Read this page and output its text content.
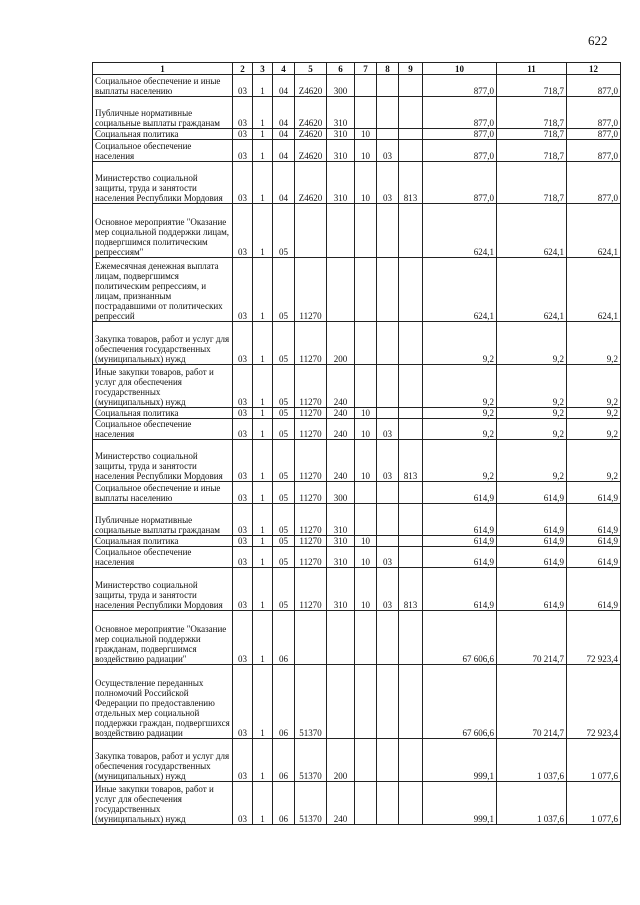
622
1	2	3	4	5	6	7	8	9	10	11	12
Социальное обеспечение и иные выплаты населению	03	1	04	Z4620	300				877,0	718,7	877,0
Публичные нормативные социальные выплаты гражданам	03	1	04	Z4620	310				877,0	718,7	877,0
Социальная политика	03	1	04	Z4620	310	10			877,0	718,7	877,0
Социальное обеспечение населения	03	1	04	Z4620	310	10	03		877,0	718,7	877,0
Министерство социальной защиты, труда и занятости населения Республики Мордовия	03	1	04	Z4620	310	10	03	813	877,0	718,7	877,0
Основное мероприятие "Оказание мер социальной поддержки лицам, подвергшимся политическим репрессиям"	03	1	05						624,1	624,1	624,1
Ежемесячная денежная выплата лицам, подвергшимся политическим репрессиям, и лицам, признанным пострадавшими от политических репрессий	03	1	05	11270					624,1	624,1	624,1
Закупка товаров, работ и услуг для обеспечения государственных (муниципальных) нужд	03	1	05	11270	200				9,2	9,2	9,2
Иные закупки товаров, работ и услуг для обеспечения государственных (муниципальных) нужд	03	1	05	11270	240				9,2	9,2	9,2
Социальная политика	03	1	05	11270	240	10			9,2	9,2	9,2
Социальное обеспечение населения	03	1	05	11270	240	10	03		9,2	9,2	9,2
Министерство социальной защиты, труда и занятости населения Республики Мордовия	03	1	05	11270	240	10	03	813	9,2	9,2	9,2
Социальное обеспечение и иные выплаты населению	03	1	05	11270	300				614,9	614,9	614,9
Публичные нормативные социальные выплаты гражданам	03	1	05	11270	310				614,9	614,9	614,9
Социальная политика	03	1	05	11270	310	10			614,9	614,9	614,9
Социальное обеспечение населения	03	1	05	11270	310	10	03		614,9	614,9	614,9
Министерство социальной защиты, труда и занятости населения Республики Мордовия	03	1	05	11270	310	10	03	813	614,9	614,9	614,9
Основное мероприятие "Оказание мер социальной поддержки гражданам, подвергшимся воздействию радиации"	03	1	06						67 606,6	70 214,7	72 923,4
Осуществление переданных полномочий Российской Федерации по предоставлению отдельных мер социальной поддержки граждан, подвергшихся воздействию радиации	03	1	06	51370					67 606,6	70 214,7	72 923,4
Закупка товаров, работ и услуг для обеспечения государственных (муниципальных) нужд	03	1	06	51370	200				999,1	1 037,6	1 077,6
Иные закупки товаров, работ и услуг для обеспечения государственных (муниципальных) нужд	03	1	06	51370	240				999,1	1 037,6	1 077,6
